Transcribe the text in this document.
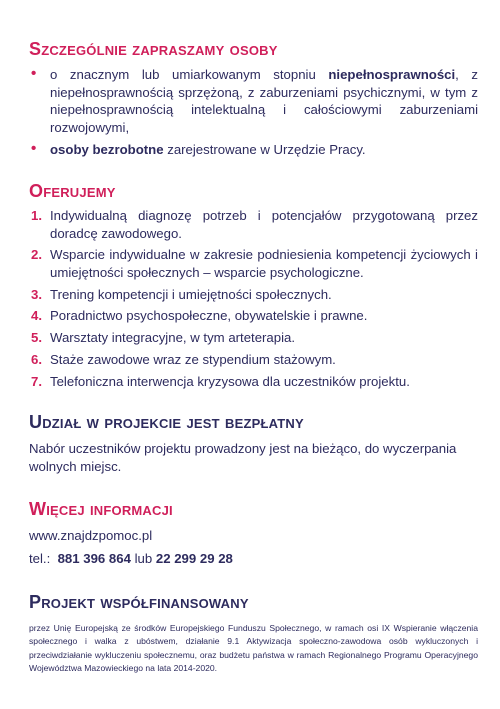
Szczególnie zapraszamy osoby
• o znacznym lub umiarkowanym stopniu niepełnosprawności, z niepełnosprawnością sprzężoną, z zaburzeniami psychicznymi, w tym z niepełnosprawnością intelektualną i całościowymi zaburzeniami rozwojowymi,
• osoby bezrobotne zarejestrowane w Urzędzie Pracy.
Oferujemy
1. Indywidualną diagnozę potrzeb i potencjałów przygotowaną przez doradcę zawodowego.
2. Wsparcie indywidualne w zakresie podniesienia kompetencji życiowych i umiejętności społecznych – wsparcie psychologiczne.
3. Trening kompetencji i umiejętności społecznych.
4. Poradnictwo psychospołeczne, obywatelskie i prawne.
5. Warsztaty integracyjne, w tym arteterapia.
6. Staże zawodowe wraz ze stypendium stażowym.
7. Telefoniczna interwencja kryzysowa dla uczestników projektu.
Udział w projekcie jest bezpłatny
Nabór uczestników projektu prowadzony jest na bieżąco, do wyczerpania wolnych miejsc.
Więcej informacji
www.znajdzpomoc.pl
tel.: 881 396 864 lub 22 299 29 28
Projekt współfinansowany
przez Unię Europejską ze środków Europejskiego Funduszu Społecznego, w ramach osi IX Wspieranie włączenia społecznego i walka z ubóstwem, działanie 9.1 Aktywizacja społeczno-zawodowa osób wykluczonych i przeciwdziałanie wykluczeniu społecznemu, oraz budżetu państwa w ramach Regionalnego Programu Operacyjnego Województwa Mazowieckiego na lata 2014-2020.
